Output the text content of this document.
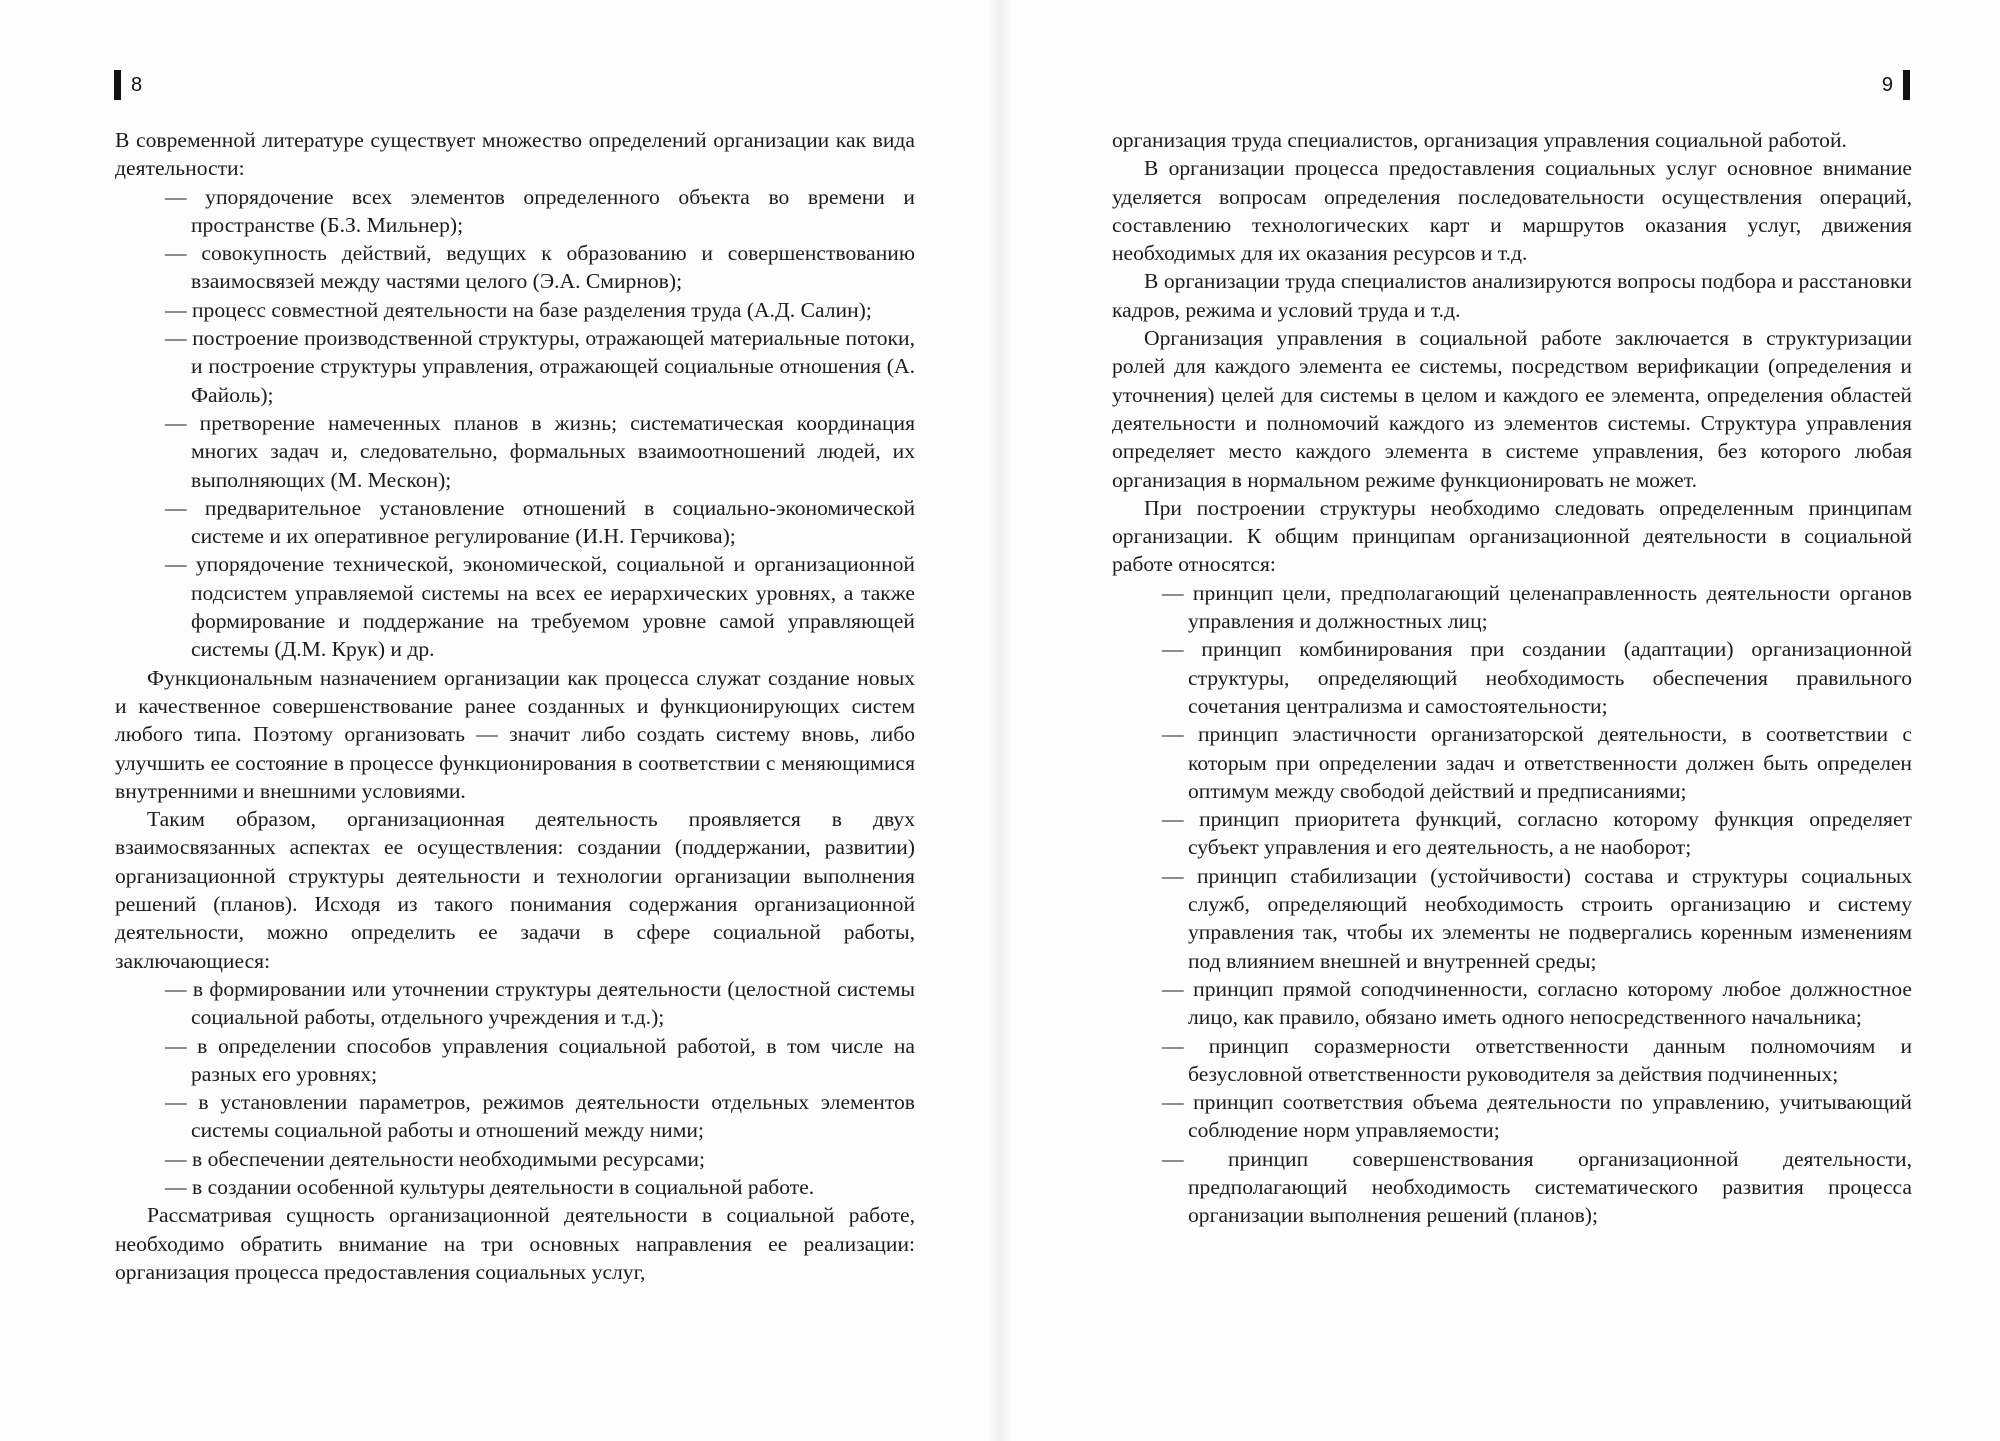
8

В современной литературе существует множество определений организации как вида деятельности:

— упорядочение всех элементов определенного объекта во времени и пространстве (Б.З. Мильнер);

— совокупность действий, ведущих к образованию и совершенствованию взаимосвязей между частями целого (Э.А. Смирнов);

— процесс совместной деятельности на базе разделения труда (А.Д. Салин);

— построение производственной структуры, отражающей материальные потоки, и построение структуры управления, отражающей социальные отношения (А. Файоль);

— претворение намеченных планов в жизнь; систематическая координация многих задач и, следовательно, формальных взаимоотношений людей, их выполняющих (М. Мескон);

— предварительное установление отношений в социально-экономической системе и их оперативное регулирование (И.Н. Герчикова);

— упорядочение технической, экономической, социальной и организационной подсистем управляемой системы на всех ее иерархических уровнях, а также формирование и поддержание на требуемом уровне самой управляющей системы (Д.М. Крук) и др.

Функциональным назначением организации как процесса служат создание новых и качественное совершенствование ранее созданных и функционирующих систем любого типа. Поэтому организовать — значит либо создать систему вновь, либо улучшить ее состояние в процессе функционирования в соответствии с меняющимися внутренними и внешними условиями.

Таким образом, организационная деятельность проявляется в двух взаимосвязанных аспектах ее осуществления: создании (поддержании, развитии) организационной структуры деятельности и технологии организации выполнения решений (планов). Исходя из такого понимания содержания организационной деятельности, можно определить ее задачи в сфере социальной работы, заключающиеся:

— в формировании или уточнении структуры деятельности (целостной системы социальной работы, отдельного учреждения и т.д.);

— в определении способов управления социальной работой, в том числе на разных его уровнях;

— в установлении параметров, режимов деятельности отдельных элементов системы социальной работы и отношений между ними;

— в обеспечении деятельности необходимыми ресурсами;

— в создании особенной культуры деятельности в социальной работе.

Рассматривая сущность организационной деятельности в социальной работе, необходимо обратить внимание на три основных направления ее реализации: организация процесса предоставления социальных услуг,

9

организация труда специалистов, организация управления социальной работой.

В организации процесса предоставления социальных услуг основное внимание уделяется вопросам определения последовательности осуществления операций, составлению технологических карт и маршрутов оказания услуг, движения необходимых для их оказания ресурсов и т.д.

В организации труда специалистов анализируются вопросы подбора и расстановки кадров, режима и условий труда и т.д.

Организация управления в социальной работе заключается в структуризации ролей для каждого элемента ее системы, посредством верификации (определения и уточнения) целей для системы в целом и каждого ее элемента, определения областей деятельности и полномочий каждого из элементов системы. Структура управления определяет место каждого элемента в системе управления, без которого любая организация в нормальном режиме функционировать не может.

При построении структуры необходимо следовать определенным принципам организации. К общим принципам организационной деятельности в социальной работе относятся:

— принцип цели, предполагающий целенаправленность деятельности органов управления и должностных лиц;

— принцип комбинирования при создании (адаптации) организационной структуры, определяющий необходимость обеспечения правильного сочетания централизма и самостоятельности;

— принцип эластичности организаторской деятельности, в соответствии с которым при определении задач и ответственности должен быть определен оптимум между свободой действий и предписаниями;

— принцип приоритета функций, согласно которому функция определяет субъект управления и его деятельность, а не наоборот;

— принцип стабилизации (устойчивости) состава и структуры социальных служб, определяющий необходимость строить организацию и систему управления так, чтобы их элементы не подвергались коренным изменениям под влиянием внешней и внутренней среды;

— принцип прямой соподчиненности, согласно которому любое должностное лицо, как правило, обязано иметь одного непосредственного начальника;

— принцип соразмерности ответственности данным полномочиям и безусловной ответственности руководителя за действия подчиненных;

— принцип соответствия объема деятельности по управлению, учитывающий соблюдение норм управляемости;

— принцип совершенствования организационной деятельности, предполагающий необходимость систематического развития процесса организации выполнения решений (планов);
